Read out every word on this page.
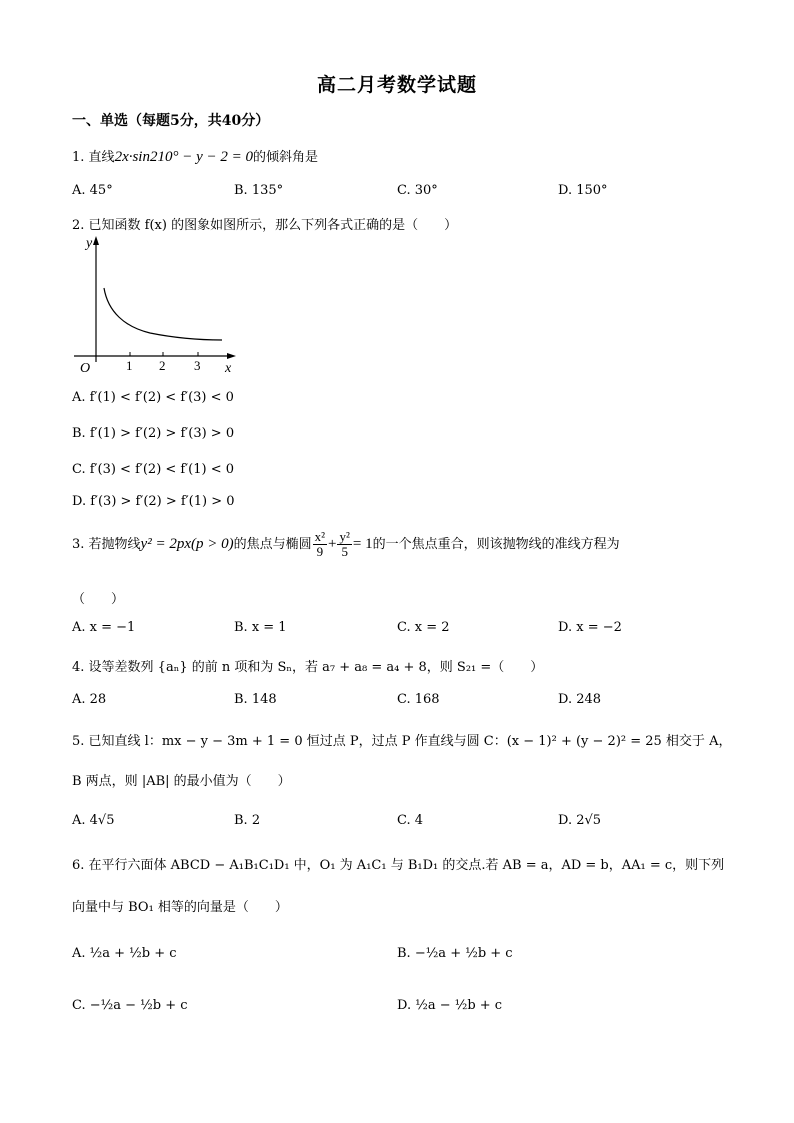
高二月考数学试题
一、单选（每题5分，共40分）
1. 直线2x·sin210° − y − 2 = 0的倾斜角是
A. 45°	B. 135°	C. 30°	D. 150°
2. 已知函数 f(x) 的图象如图所示，那么下列各式正确的是（　　）
y
x
O	1 2 3
A. f′(1) < f′(2) < f′(3) < 0
B. f′(1) > f′(2) > f′(3) > 0
C. f′(3) < f′(2) < f′(1) < 0
D. f′(3) > f′(2) > f′(1) > 0
3. 若抛物线y² = 2px(p > 0)的焦点与椭圆 $\frac{\text{x²}}{9} + \frac{\text{y²}}{5} = 1$的一个焦点重合，则该抛物线的准线方程为
（　　）
A. x = −1	B. x = 1	C. x = 2	D. x = −2
4. 设等差数列 {aₙ} 的前 n 项和为 Sₙ，若 a₇ + a₈ = a₄ + 8，则 S₂₁ =（　　）
A. 28	B. 148	C. 168	D. 248
5. 已知直线 l：mx − y − 3m + 1 = 0 恒过点 P，过点 P 作直线与圆 C：(x − 1)² + (y − 2)² = 25 相交于 A，
B 两点，则 |AB| 的最小值为（　　）
A. 4√5	B. 2	C. 4	D. 2√5
6. 在平行六面体 ABCD − A₁B₁C₁D₁ 中，O₁ 为 A₁C₁ 与 B₁D₁ 的交点.若 AB = a，AD = b，AA₁ = c，则下列
向量中与 BO₁ 相等的向量是（　　）
A. ½a + ½b + c	B. −½a + ½b + c
C. −½a − ½b + c	D. ½a − ½b + c
